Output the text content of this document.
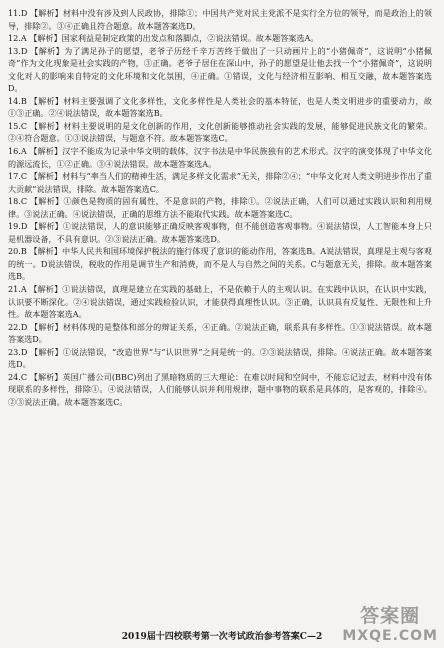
11.D 【解析】材料中没有涉及到人民政协，排除①；中国共产党对民主党派不是实行全方位的领导，而是政治上的领导，排除②。③④正确且符合题意。故本题答案选D。
12.A 【解析】国家利益是制定政策的出发点和落脚点，②说法错误。故本题答案选A。
13.D 【解析】为了满足孙子的愿望，老爷子历经千辛万苦终于做出了一只动画片上的“小猪佩奇”，这说明“小猪佩奇”作为文化现象是社会实践的产物，③正确。老爷子居住在深山中，孙子的愿望是让他去找一个“小猪佩奇”，这说明文化对人的影响来自特定的文化环境和文化氛围，④正确。①错误，文化与经济相互影响、相互交融，故本题答案选D。
14.B 【解析】材料主要强调了文化多样性，文化多样性是人类社会的基本特征，也是人类文明进步的重要动力，故①③正确。②④说法错误，故本题答案选B。
15.C 【解析】材料主要说明的是文化创新的作用，文化创新能够推动社会实践的发展，能够促进民族文化的繁荣。②④符合题意。①③说法错误，与题意不符。故本题答案选C。
16.A 【解析】汉字不能成为记录中华文明的载体，汉字书法是中华民族独有的艺术形式。汉字的演变体现了中华文化的源远流长，①②正确。③④说法错误。故本题答案选A。
17.C 【解析】材料与“率当人们的精神生活，满足多样文化需求”无关，排除②④；“中华文化对人类文明进步作出了重大贡献”说法错误，排除。故本题答案选C。
18.C 【解析】①颜色是物质的固有属性，不是意识的产物，排除①。②说法正确，人们可以通过实践认识和利用规律。③说法正确。④说法错误，正确的思维方法不能取代实践。故本题答案选C。
19.D 【解析】①说法错误，人的意识能够正确反映客观事物，但不能创造客观事物。④说法错误，人工智能本身上只是机器设备，不具有意识。②③说法正确。故本题答案选D。
20.B 【解析】中华人民共和国环境保护税法的施行体现了意识的能动作用，答案选B。A说法错误，真理是主观与客观的统一。D说法错误，税收的作用是调节生产和消费，而不是人与自然之间的关系。C与题意无关，排除。故本题答案选B。
21.A 【解析】①说法错误，真理是建立在实践的基础上，不是依赖于人的主观认识。在实践中认识，在认识中实践，认识要不断深化。②④说法错误，通过实践检验认识，才能获得真理性认识。③正确，认识具有反复性、无限性和上升性。故本题答案选A。
22.D 【解析】材料体现的是整体和部分的辩证关系，④正确。②说法正确，联系具有多样性。①③说法错误。故本题答案选D。
23.D 【解析】①说法错误，“改造世界”与“认识世界”之间是统一的。②③说法错误，排除。④说法正确。故本题答案选D。
24.C 【解析】英国广播公司(BBC)列出了黑暗物质的三大理论：在难以时间和空间中，不能忘记过去，材料中没有体现联系的多样性，排除①。④说法错误，人们能够认识并利用规律，题中事物的联系是具体的，是客观的，排除④。②③说法正确。故本题答案选C。
2019届十四校联考第一次考试政治参考答案C—2
答案圈
MXQE.COM
